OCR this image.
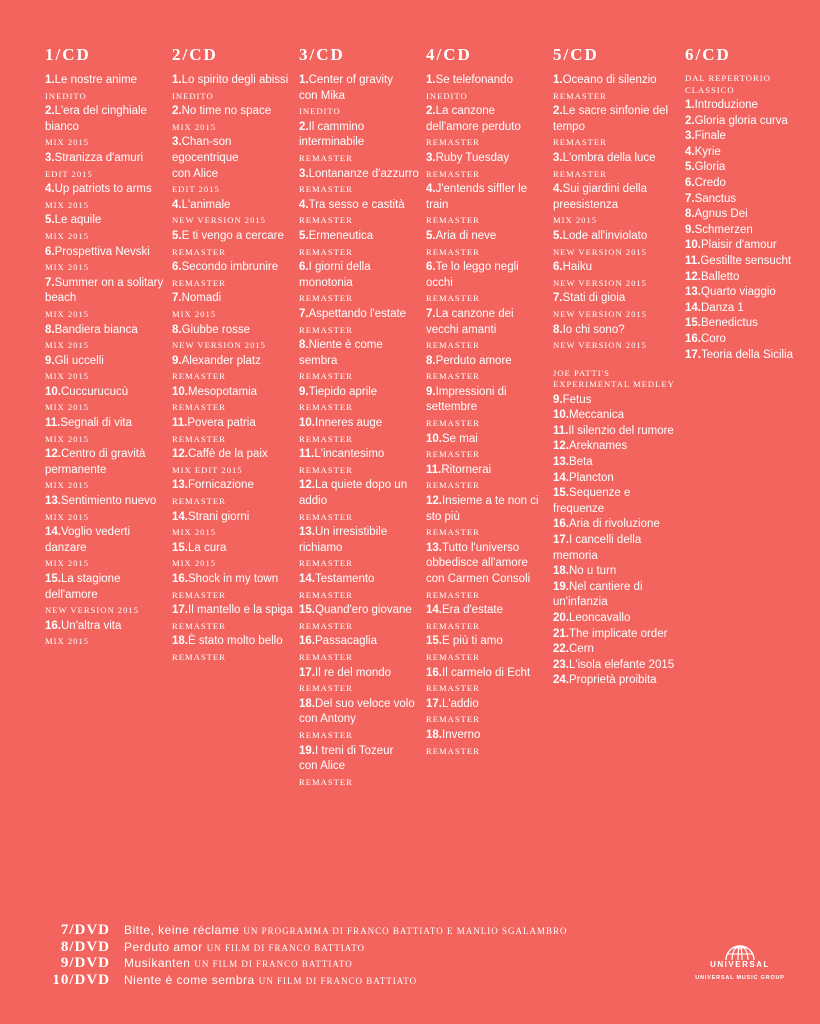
1/CD
1.Le nostre anime
INEDITO
2.L'era del cinghiale bianco
MIX 2015
3.Stranizza d'amuri
EDIT 2015
4.Up patriots to arms
MIX 2015
5.Le aquile
MIX 2015
6.Prospettiva Nevski
MIX 2015
7.Summer on a solitary beach
MIX 2015
8.Bandiera bianca
MIX 2015
9.Gli uccelli
MIX 2015
10.Cuccurucucù
MIX 2015
11.Segnali di vita
MIX 2015
12.Centro di gravità permanente
MIX 2015
13.Sentimiento nuevo
MIX 2015
14.Voglio vederti danzare
MIX 2015
15.La stagione dell'amore
NEW VERSION 2015
16.Un'altra vita
MIX 2015
2/CD
1.Lo spirito degli abissi
INEDITO
2.No time no space
MIX 2015
3.Chan-son egocentrique
con Alice
EDIT 2015
4.L'animale
NEW VERSION 2015
5.E ti vengo a cercare
REMASTER
6.Secondo imbrunire
REMASTER
7.Nomadi
MIX 2015
8.Giubbe rosse
NEW VERSION 2015
9.Alexander platz
REMASTER
10.Mesopotamia
REMASTER
11.Povera patria
REMASTER
12.Caffè de la paix
MIX EDIT 2015
13.Fornicazione
REMASTER
14.Strani giorni
MIX 2015
15.La cura
MIX 2015
16.Shock in my town
REMASTER
17.Il mantello e la spiga
REMASTER
18.È stato molto bello
REMASTER
3/CD
1.Center of gravity
con Mika
INEDITO
2.Il cammino interminabile
REMASTER
3.Lontananze d'azzurro
REMASTER
4.Tra sesso e castità
REMASTER
5.Ermeneutica
REMASTER
6.I giorni della monotonia
REMASTER
7.Aspettando l'estate
REMASTER
8.Niente è come sembra
REMASTER
9.Tiepido aprile
REMASTER
10.Inneres auge
REMASTER
11.L'incantesimo
REMASTER
12.La quiete dopo un addio
REMASTER
13.Un irresistibile richiamo
REMASTER
14.Testamento
REMASTER
15.Quand'ero giovane
REMASTER
16.Passacaglia
REMASTER
17.Il re del mondo
REMASTER
18.Del suo veloce volo
con Antony
REMASTER
19.I treni di Tozeur
con Alice
REMASTER
4/CD
1.Se telefonando
INEDITO
2.La canzone dell'amore perduto
REMASTER
3.Ruby Tuesday
REMASTER
4.J'entends siffler le train
REMASTER
5.Aria di neve
REMASTER
6.Te lo leggo negli occhi
REMASTER
7.La canzone dei vecchi amanti
REMASTER
8.Perduto amore
REMASTER
9.Impressioni di settembre
REMASTER
10.Se mai
REMASTER
11.Ritornerai
REMASTER
12.Insieme a te non ci sto più
REMASTER
13.Tutto l'universo obbedisce all'amore
con Carmen Consoli
REMASTER
14.Era d'estate
REMASTER
15.E più ti amo
REMASTER
16.Il carmelo di Echt
REMASTER
17.L'addio
REMASTER
18.Inverno
REMASTER
5/CD
1.Oceano di silenzio
REMASTER
2.Le sacre sinfonie del tempo
REMASTER
3.L'ombra della luce
REMASTER
4.Sui giardini della preesistenza
MIX 2015
5.Lode all'inviolato
NEW VERSION 2015
6.Haiku
NEW VERSION 2015
7.Stati di gioia
NEW VERSION 2015
8.Io chi sono?
NEW VERSION 2015
JOE PATTI'S EXPERIMENTAL MEDLEY
9.Fetus
10.Meccanica
11.Il silenzio del rumore
12.Areknames
13.Beta
14.Plancton
15.Sequenze e frequenze
16.Aria di rivoluzione
17.I cancelli della memoria
18.No u turn
19.Nel cantiere di un'infanzia
20.Leoncavallo
21.The implicate order
22.Cern
23.L'isola elefante 2015
24.Proprietà proibita
6/CD
DAL REPERTORIO CLASSICO
1.Introduzione
2.Gloria gloria curva
3.Finale
4.Kyrie
5.Gloria
6.Credo
7.Sanctus
8.Agnus Dei
9.Schmerzen
10.Plaisir d'amour
11.Gestillte sensucht
12.Balletto
13.Quarto viaggio
14.Danza 1
15.Benedictus
16.Coro
17.Teoria della Sicilia
7/DVD Bitte, keine réclame UN PROGRAMMA DI FRANCO BATTIATO E MANLIO SGALAMBRO
8/DVD Perduto amor UN FILM DI FRANCO BATTIATO
9/DVD Musikanten UN FILM DI FRANCO BATTIATO
10/DVD Niente è come sembra UN FILM DI FRANCO BATTIATO
UNIVERSAL
UNIVERSAL MUSIC GROUP
